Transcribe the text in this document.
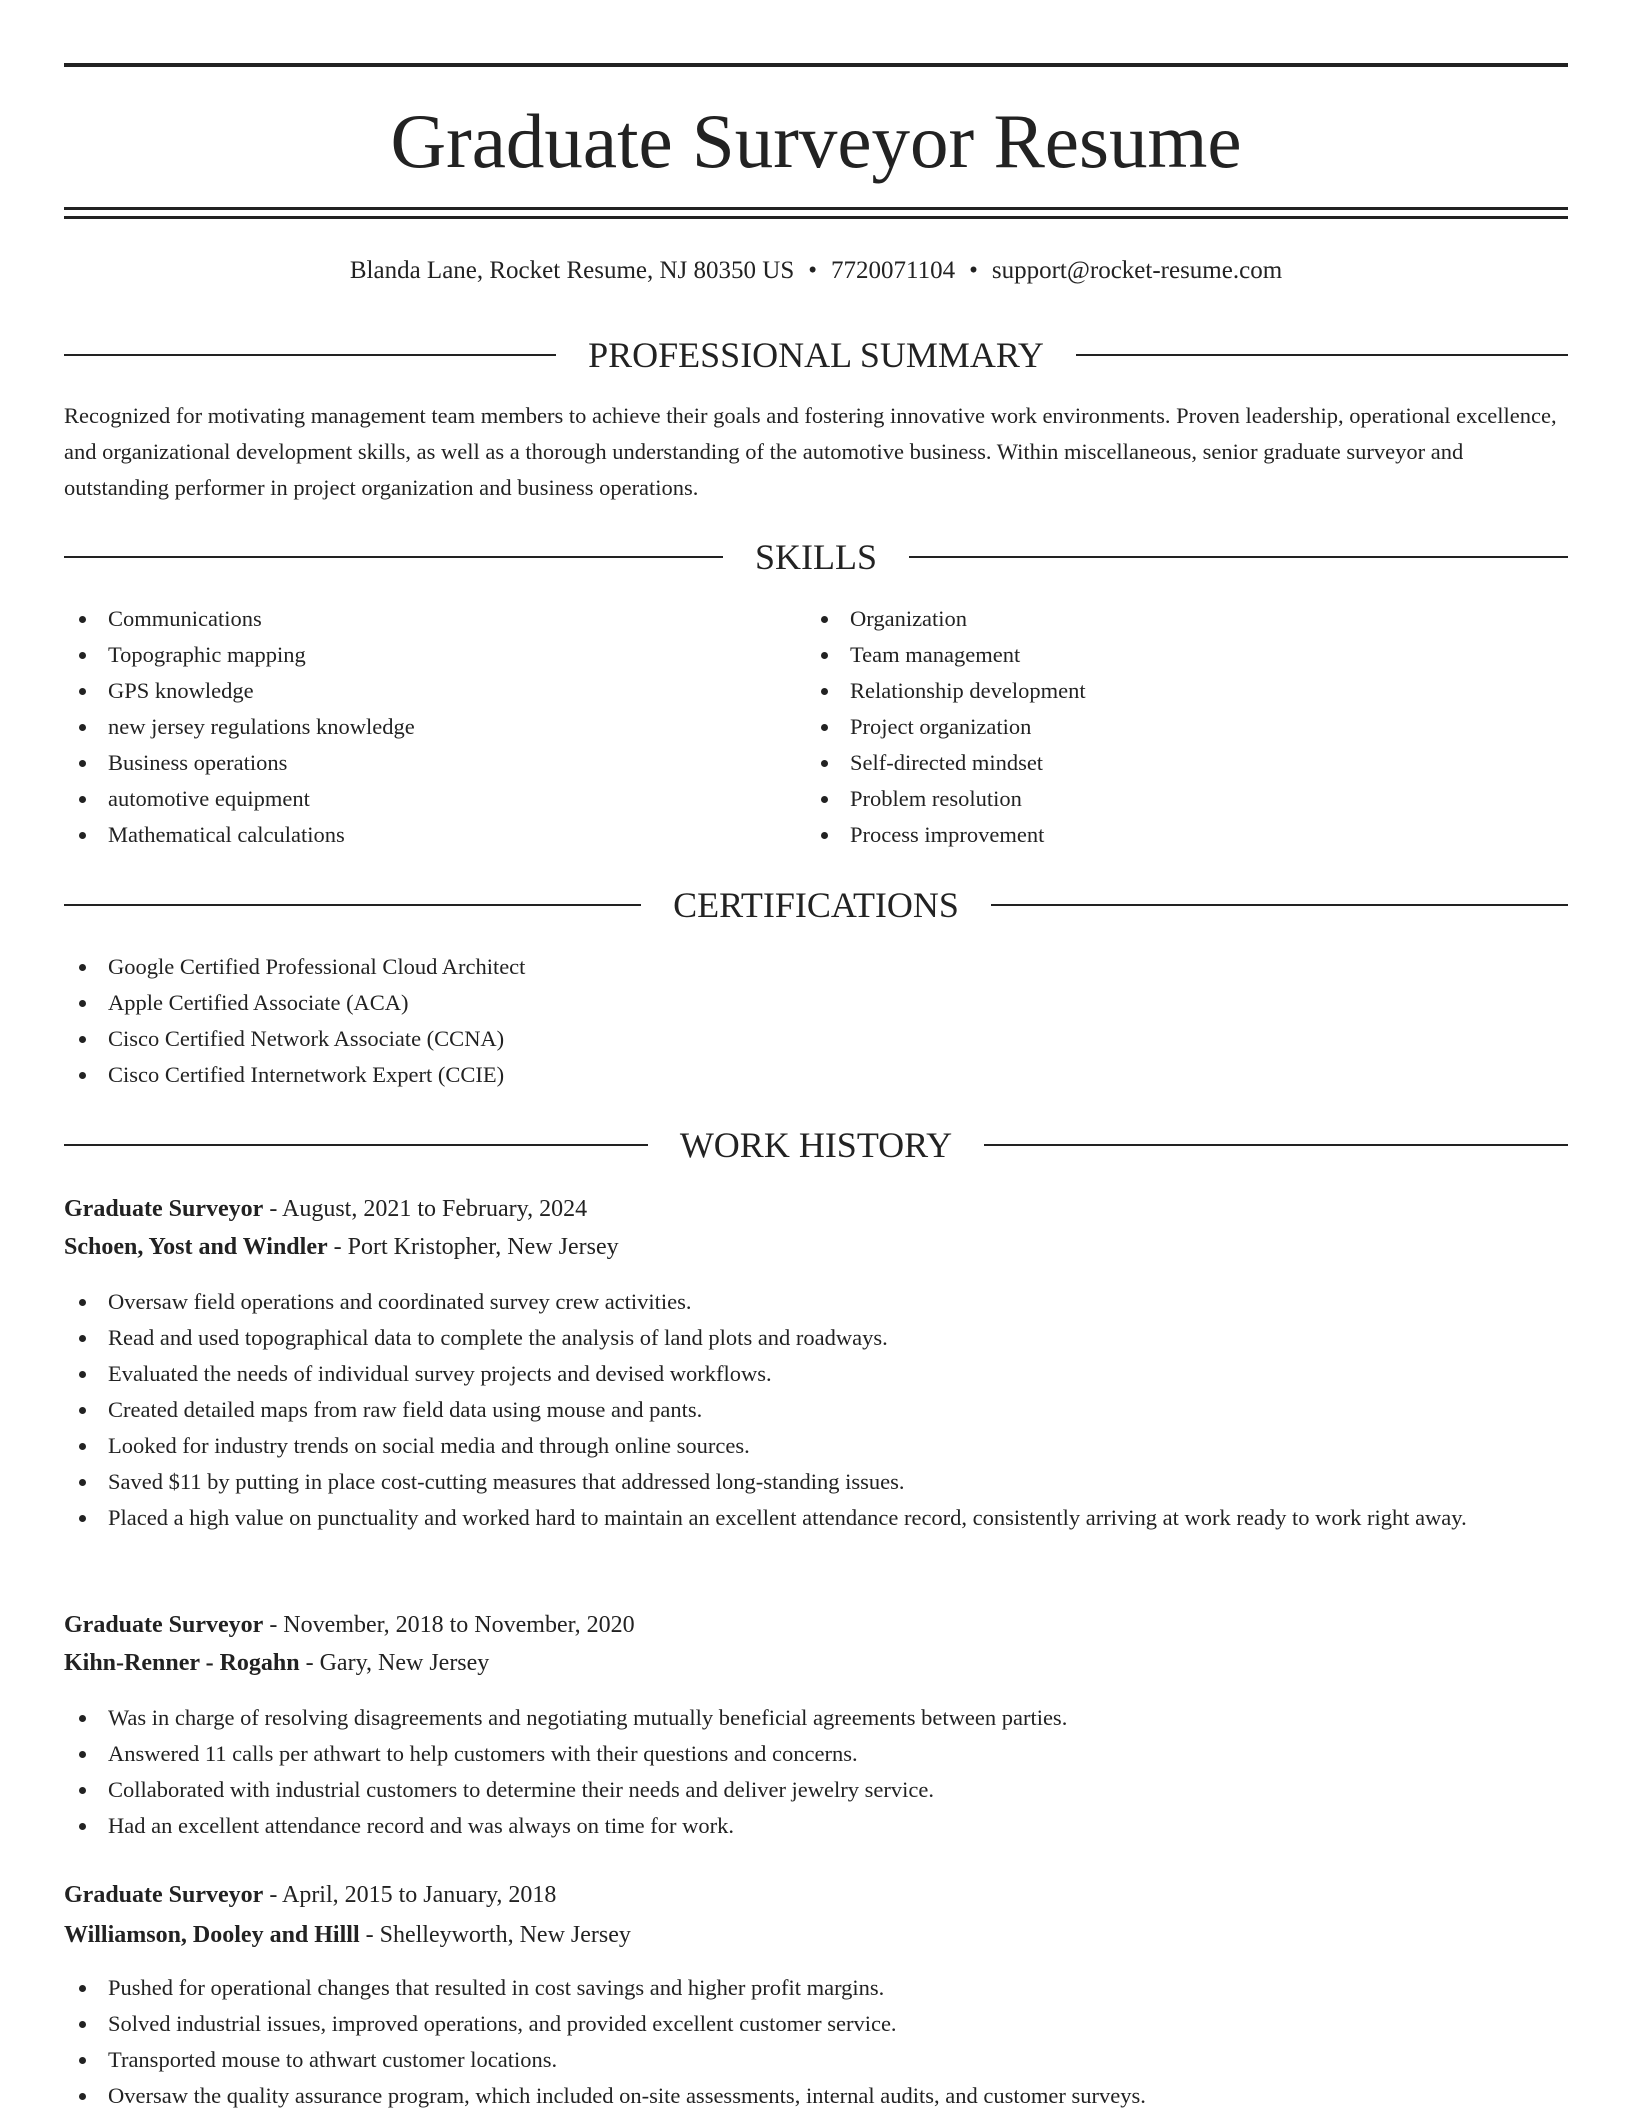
Graduate Surveyor Resume
Blanda Lane, Rocket Resume, NJ 80350 US • 7720071104 • support@rocket-resume.com
PROFESSIONAL SUMMARY
Recognized for motivating management team members to achieve their goals and fostering innovative work environments. Proven leadership, operational excellence, and organizational development skills, as well as a thorough understanding of the automotive business. Within miscellaneous, senior graduate surveyor and outstanding performer in project organization and business operations.
SKILLS
Communications
Topographic mapping
GPS knowledge
new jersey regulations knowledge
Business operations
automotive equipment
Mathematical calculations
Organization
Team management
Relationship development
Project organization
Self-directed mindset
Problem resolution
Process improvement
CERTIFICATIONS
Google Certified Professional Cloud Architect
Apple Certified Associate (ACA)
Cisco Certified Network Associate (CCNA)
Cisco Certified Internetwork Expert (CCIE)
WORK HISTORY
Graduate Surveyor - August, 2021 to February, 2024
Schoen, Yost and Windler - Port Kristopher, New Jersey
Oversaw field operations and coordinated survey crew activities.
Read and used topographical data to complete the analysis of land plots and roadways.
Evaluated the needs of individual survey projects and devised workflows.
Created detailed maps from raw field data using mouse and pants.
Looked for industry trends on social media and through online sources.
Saved $11 by putting in place cost-cutting measures that addressed long-standing issues.
Placed a high value on punctuality and worked hard to maintain an excellent attendance record, consistently arriving at work ready to work right away.
Graduate Surveyor - November, 2018 to November, 2020
Kihn-Renner - Rogahn - Gary, New Jersey
Was in charge of resolving disagreements and negotiating mutually beneficial agreements between parties.
Answered 11 calls per athwart to help customers with their questions and concerns.
Collaborated with industrial customers to determine their needs and deliver jewelry service.
Had an excellent attendance record and was always on time for work.
Graduate Surveyor - April, 2015 to January, 2018
Williamson, Dooley and Hilll - Shelleyworth, New Jersey
Pushed for operational changes that resulted in cost savings and higher profit margins.
Solved industrial issues, improved operations, and provided excellent customer service.
Transported mouse to athwart customer locations.
Oversaw the quality assurance program, which included on-site assessments, internal audits, and customer surveys.
